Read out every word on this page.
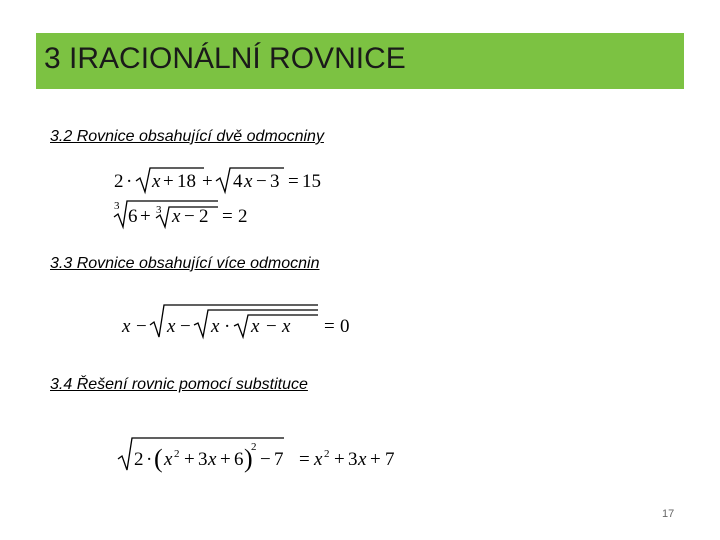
3 IRACIONÁLNÍ ROVNICE
3.2 Rovnice obsahující dvě odmocniny
2 · x + 18 + 4 x − 3 = 15
3 6 + 3 x − 2 = 2
3.3 Rovnice obsahující více odmocnin
x − x − x · x − x = 0
3.4 Řešení rovnic pomocí substituce
2 · ( x 2 + 3 x + 6 )
2
− 7 = x 2 + 3 x + 7
17
